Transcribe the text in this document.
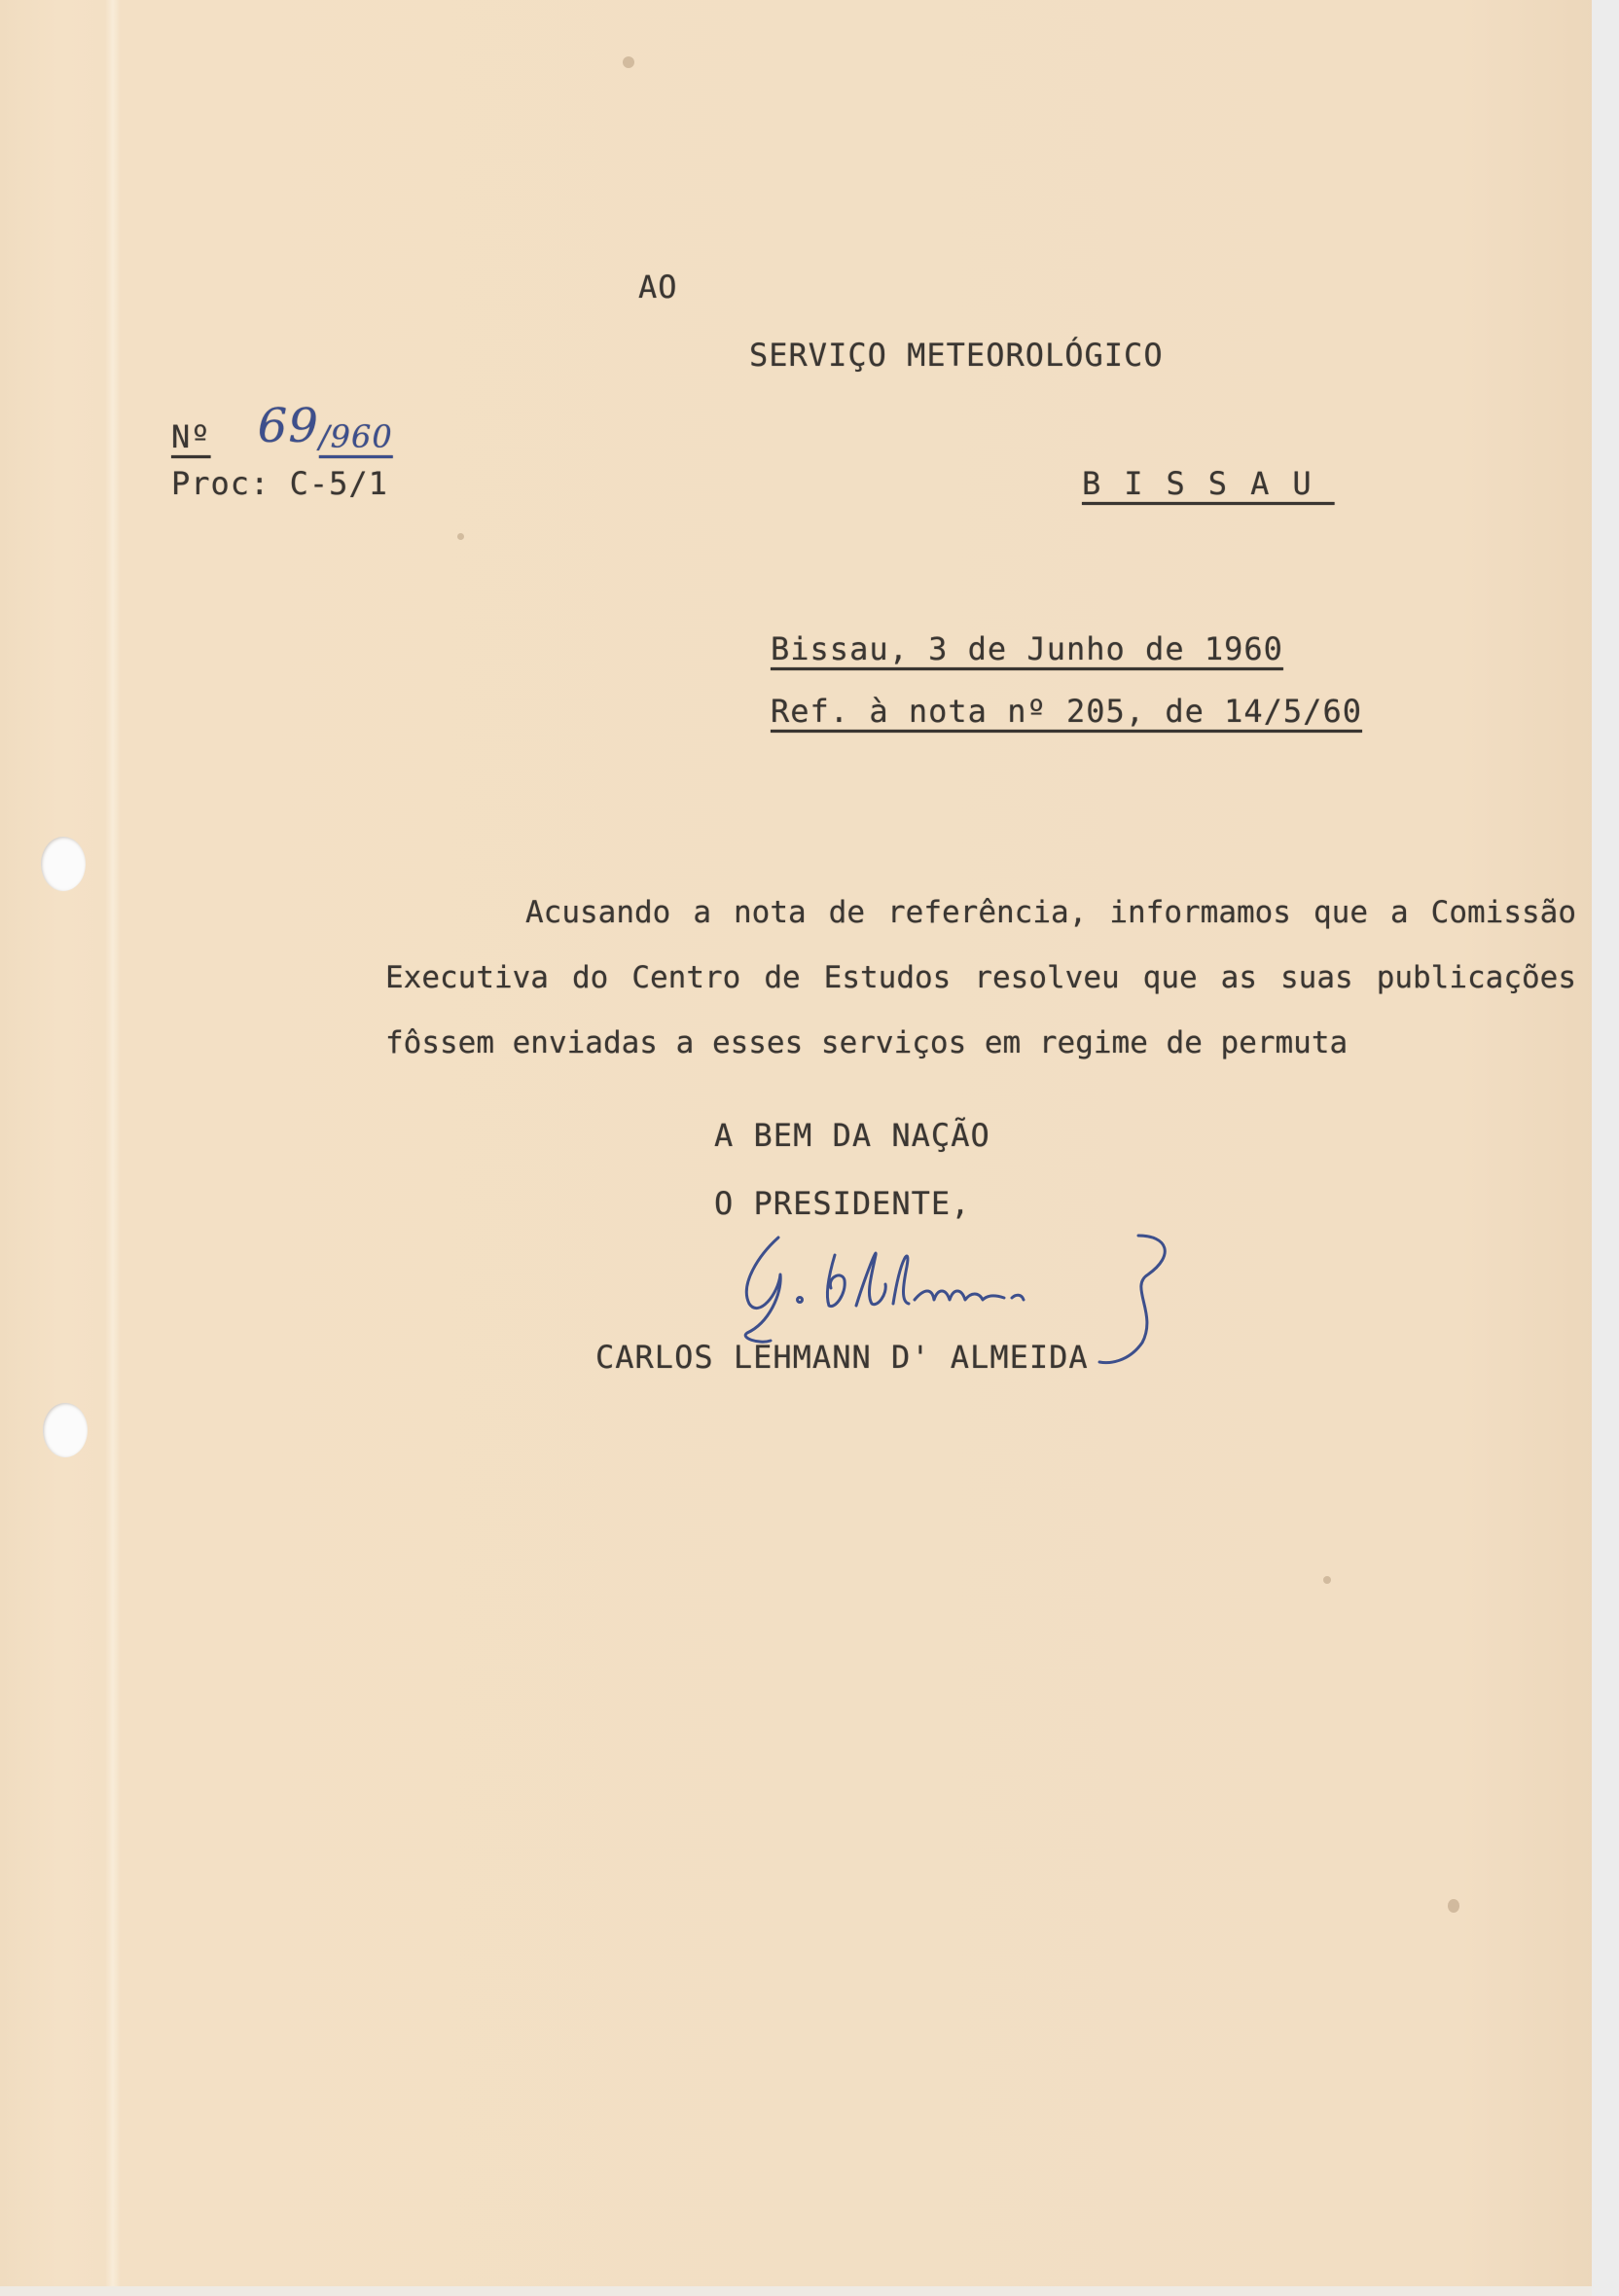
AO

SERVIÇO METEOROLÓGICO

Nº 69/960

Proc: C-5/1	BISSAU

Bissau, 3 de Junho de 1960

Ref. à nota nº 205, de 14/5/60

Acusando a nota de referência, informamos que a Comissão Executiva do Centro de Estudos resolveu que as suas publicações fôssem enviadas a esses serviços em regime de permuta

A BEM DA NAÇÃO

O PRESIDENTE,

CARLOS LEHMANN D' ALMEIDA
